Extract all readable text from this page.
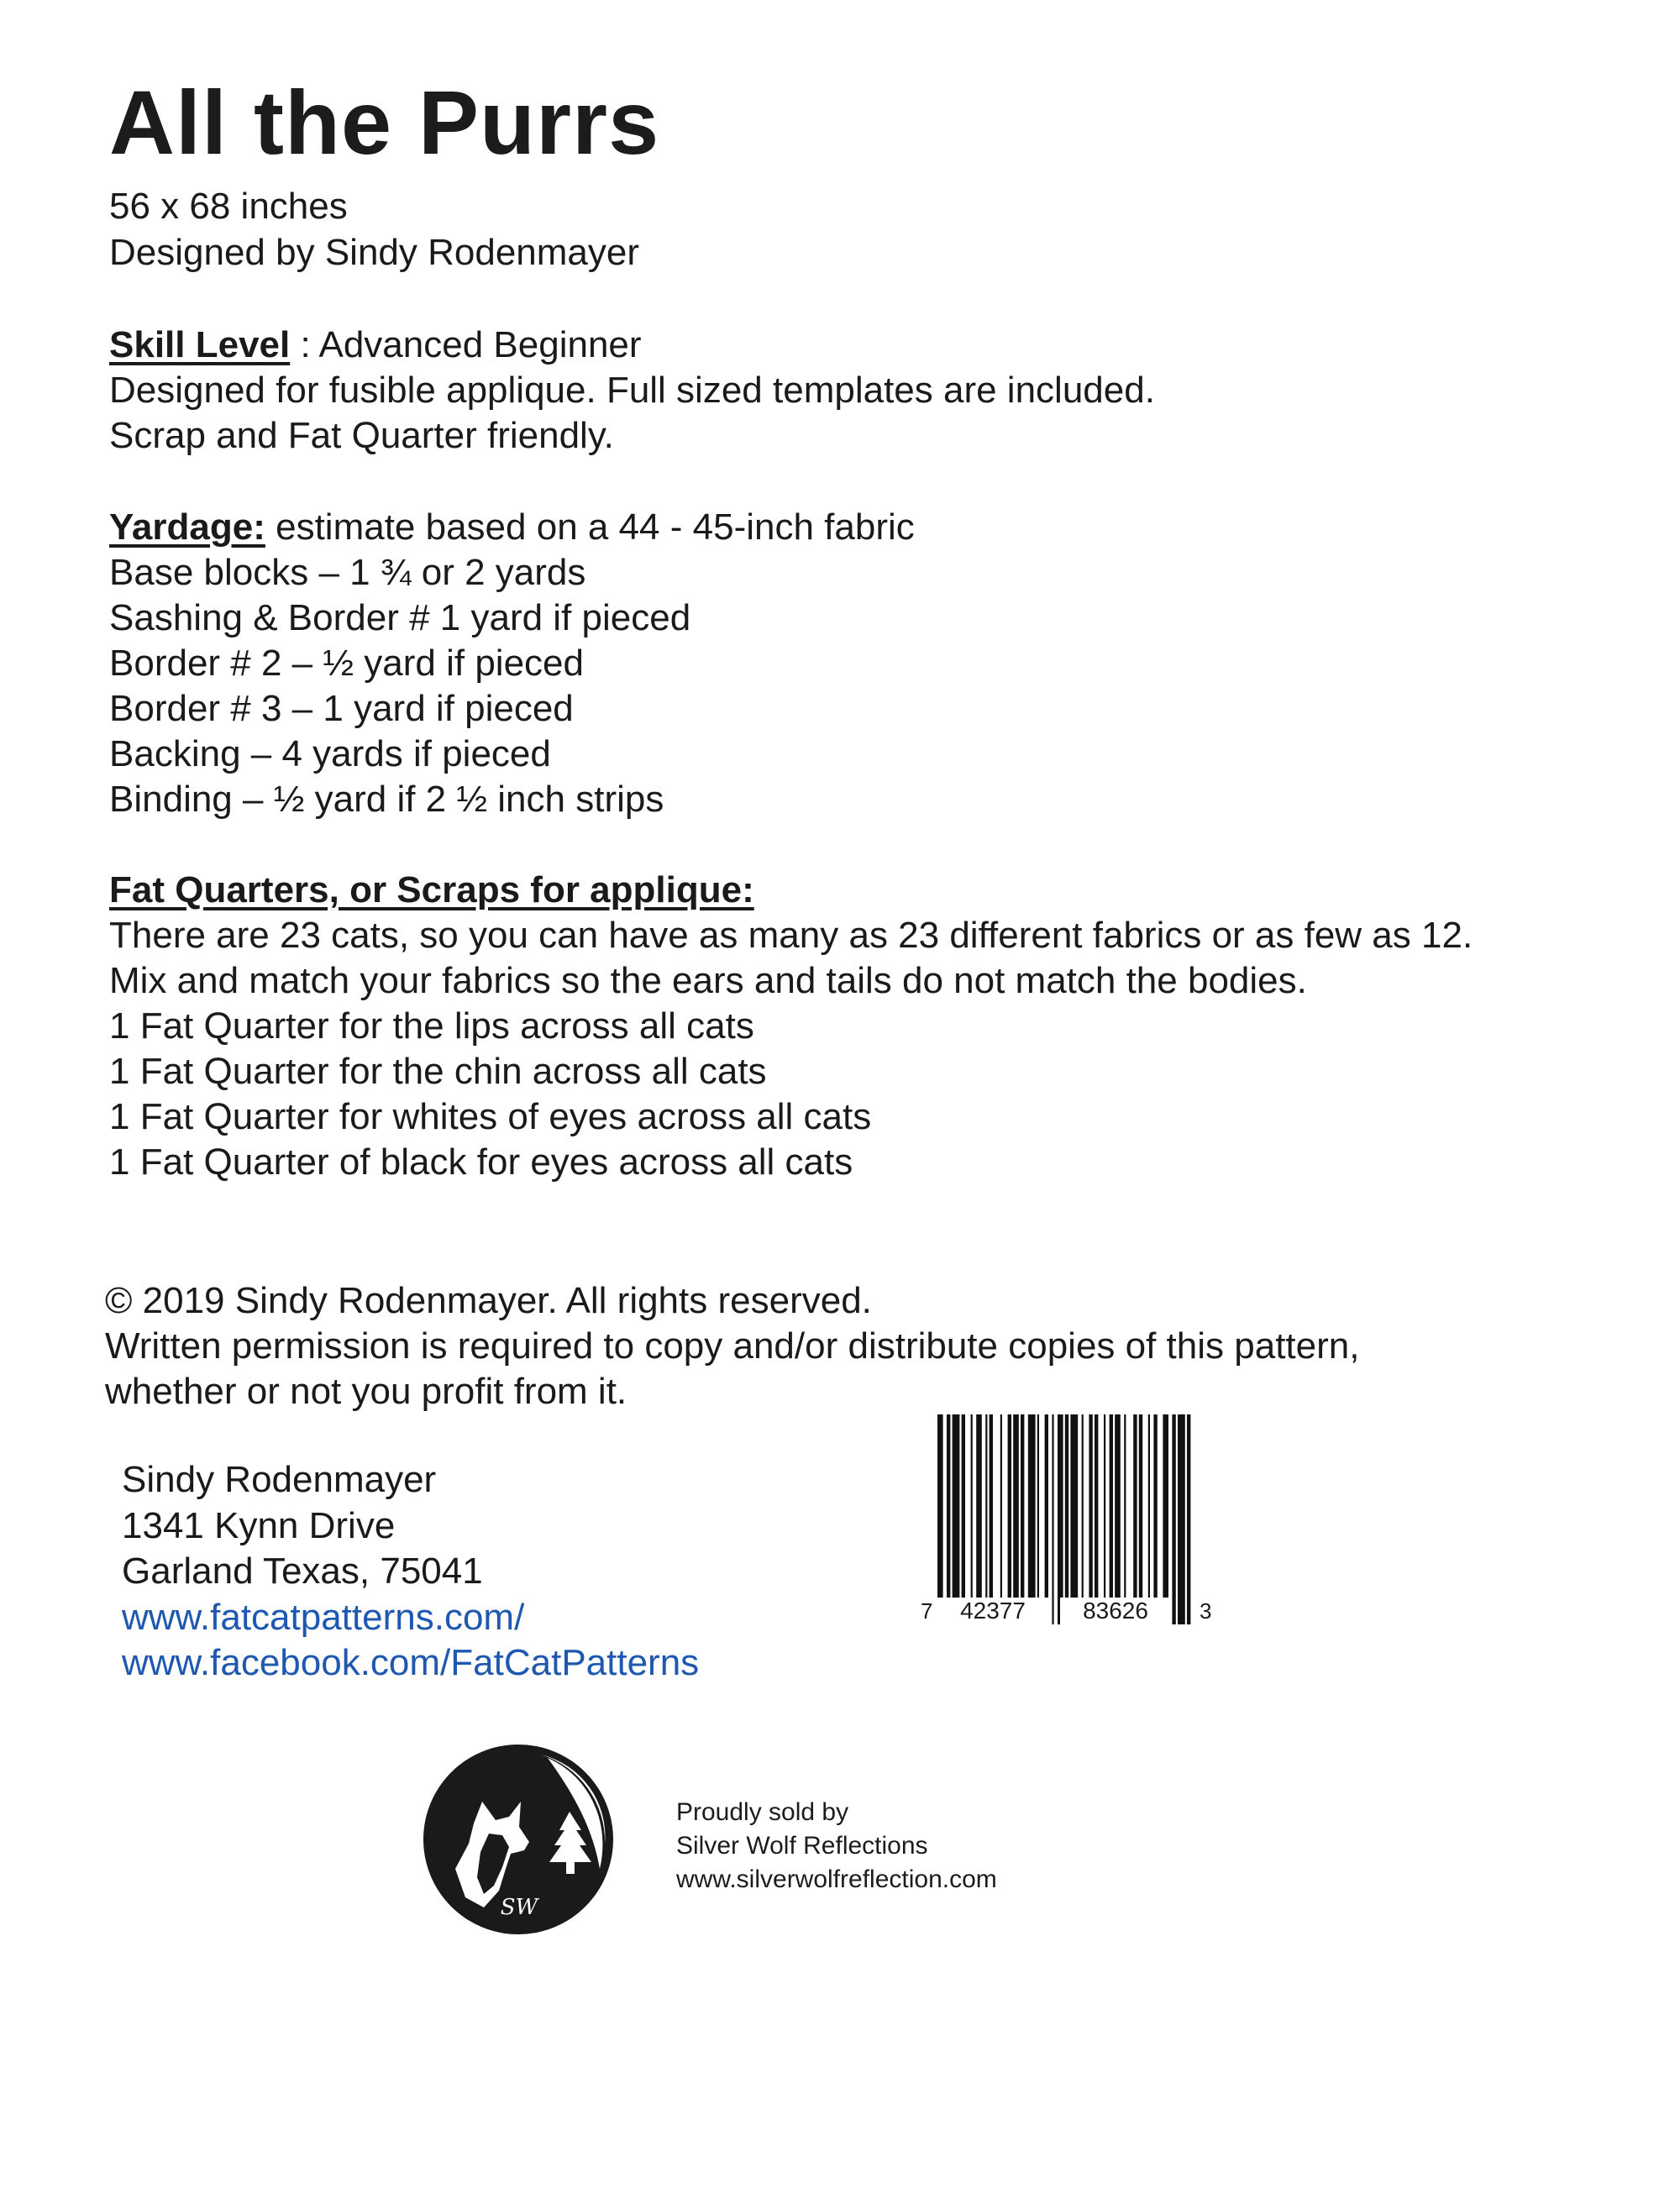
All the Purrs
56 x 68 inches
Designed by Sindy Rodenmayer
Skill Level : Advanced Beginner
Designed for fusible applique. Full sized templates are included.
Scrap and Fat Quarter friendly.
Yardage: estimate based on a 44 - 45-inch fabric
Base blocks – 1 ¾ or 2 yards
Sashing & Border # 1 yard if pieced
Border # 2 – ½ yard if pieced
Border # 3 – 1 yard if pieced
Backing – 4 yards if pieced
Binding – ½ yard if 2 ½ inch strips
Fat Quarters, or Scraps for applique:
There are 23 cats, so you can have as many as 23 different fabrics or as few as 12.
Mix and match your fabrics so the ears and tails do not match the bodies.
1 Fat Quarter for the lips across all cats
1 Fat Quarter for the chin across all cats
1 Fat Quarter for whites of eyes across all cats
1 Fat Quarter of black for eyes across all cats
© 2019 Sindy Rodenmayer. All rights reserved.
Written permission is required to copy and/or distribute copies of this pattern,
whether or not you profit from it.
Sindy Rodenmayer
1341 Kynn Drive
Garland Texas, 75041
www.fatcatpatterns.com/
www.facebook.com/FatCatPatterns
7 42377 83626 3
SW
Proudly sold by
Silver Wolf Reflections
www.silverwolfreflection.com
